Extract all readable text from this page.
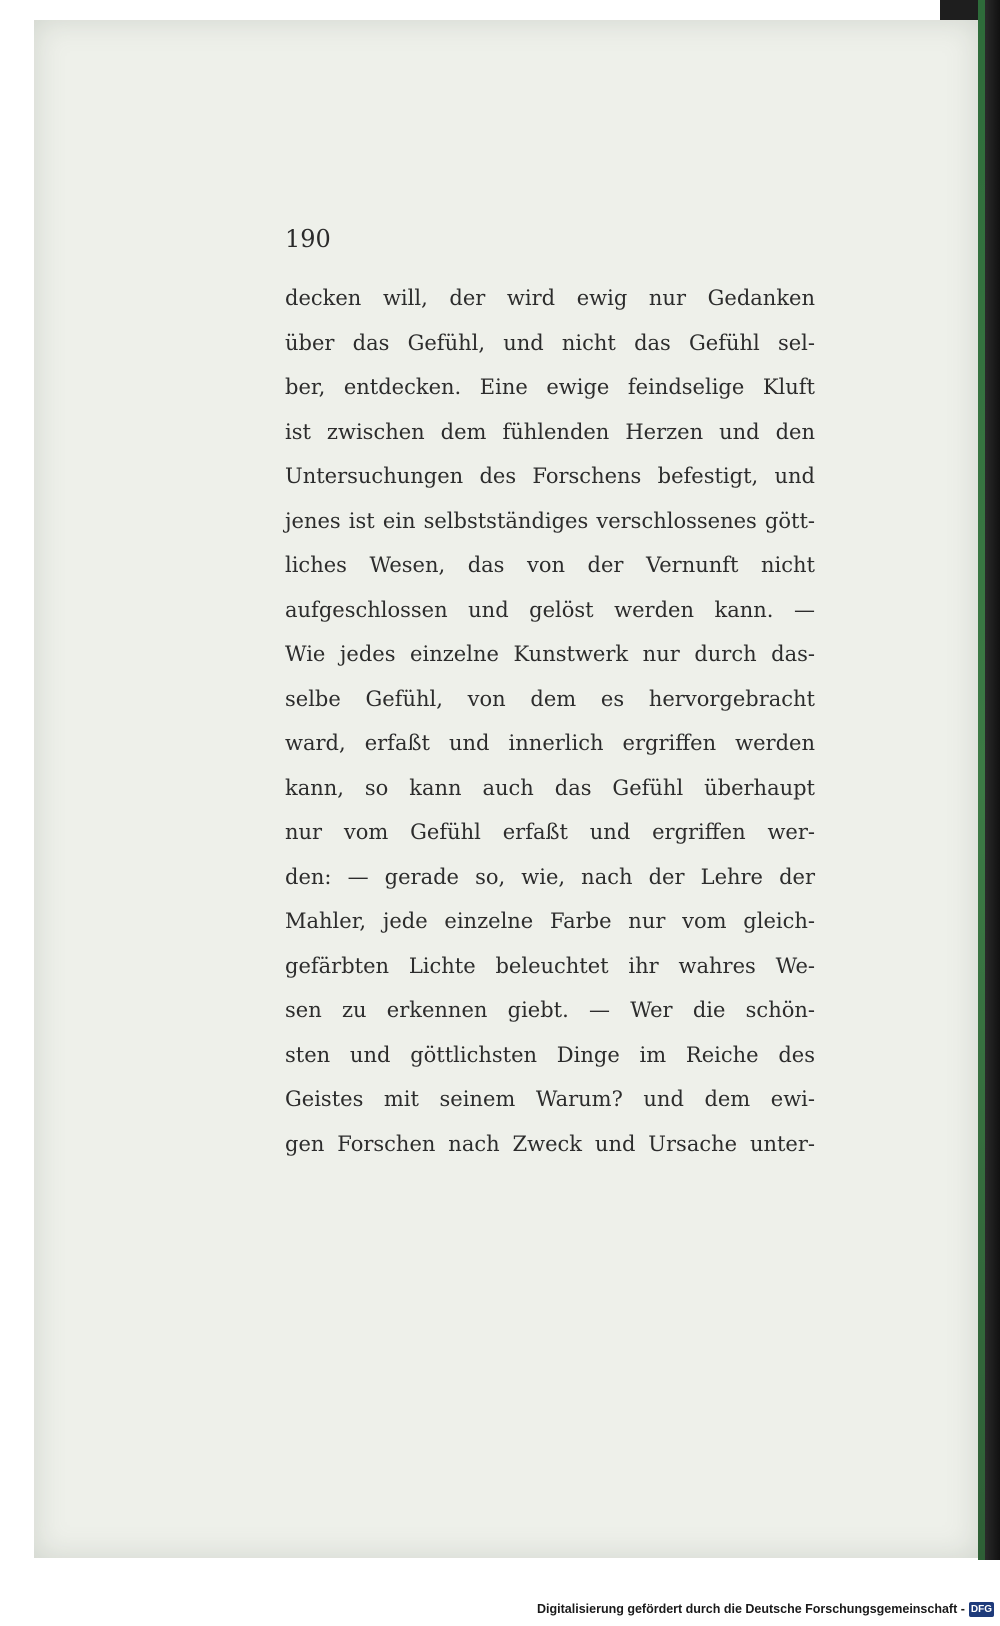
190
decken will, der wird ewig nur Gedanken
über das Gefühl, und nicht das Gefühl sel-
ber, entdecken. Eine ewige feindselige Kluft
ist zwischen dem fühlenden Herzen und den
Untersuchungen des Forschens befestigt, und
jenes ist ein selbstständiges verschlossenes gött-
liches Wesen, das von der Vernunft nicht
aufgeschlossen und gelöst werden kann. —
Wie jedes einzelne Kunstwerk nur durch das-
selbe Gefühl, von dem es hervorgebracht
ward, erfaßt und innerlich ergriffen werden
kann, so kann auch das Gefühl überhaupt
nur vom Gefühl erfaßt und ergriffen wer-
den: — gerade so, wie, nach der Lehre der
Mahler, jede einzelne Farbe nur vom gleich-
gefärbten Lichte beleuchtet ihr wahres We-
sen zu erkennen giebt. — Wer die schön-
sten und göttlichsten Dinge im Reiche des
Geistes mit seinem Warum? und dem ewi-
gen Forschen nach Zweck und Ursache unter-
Digitalisierung gefördert durch die Deutsche Forschungsgemeinschaft - DFG
